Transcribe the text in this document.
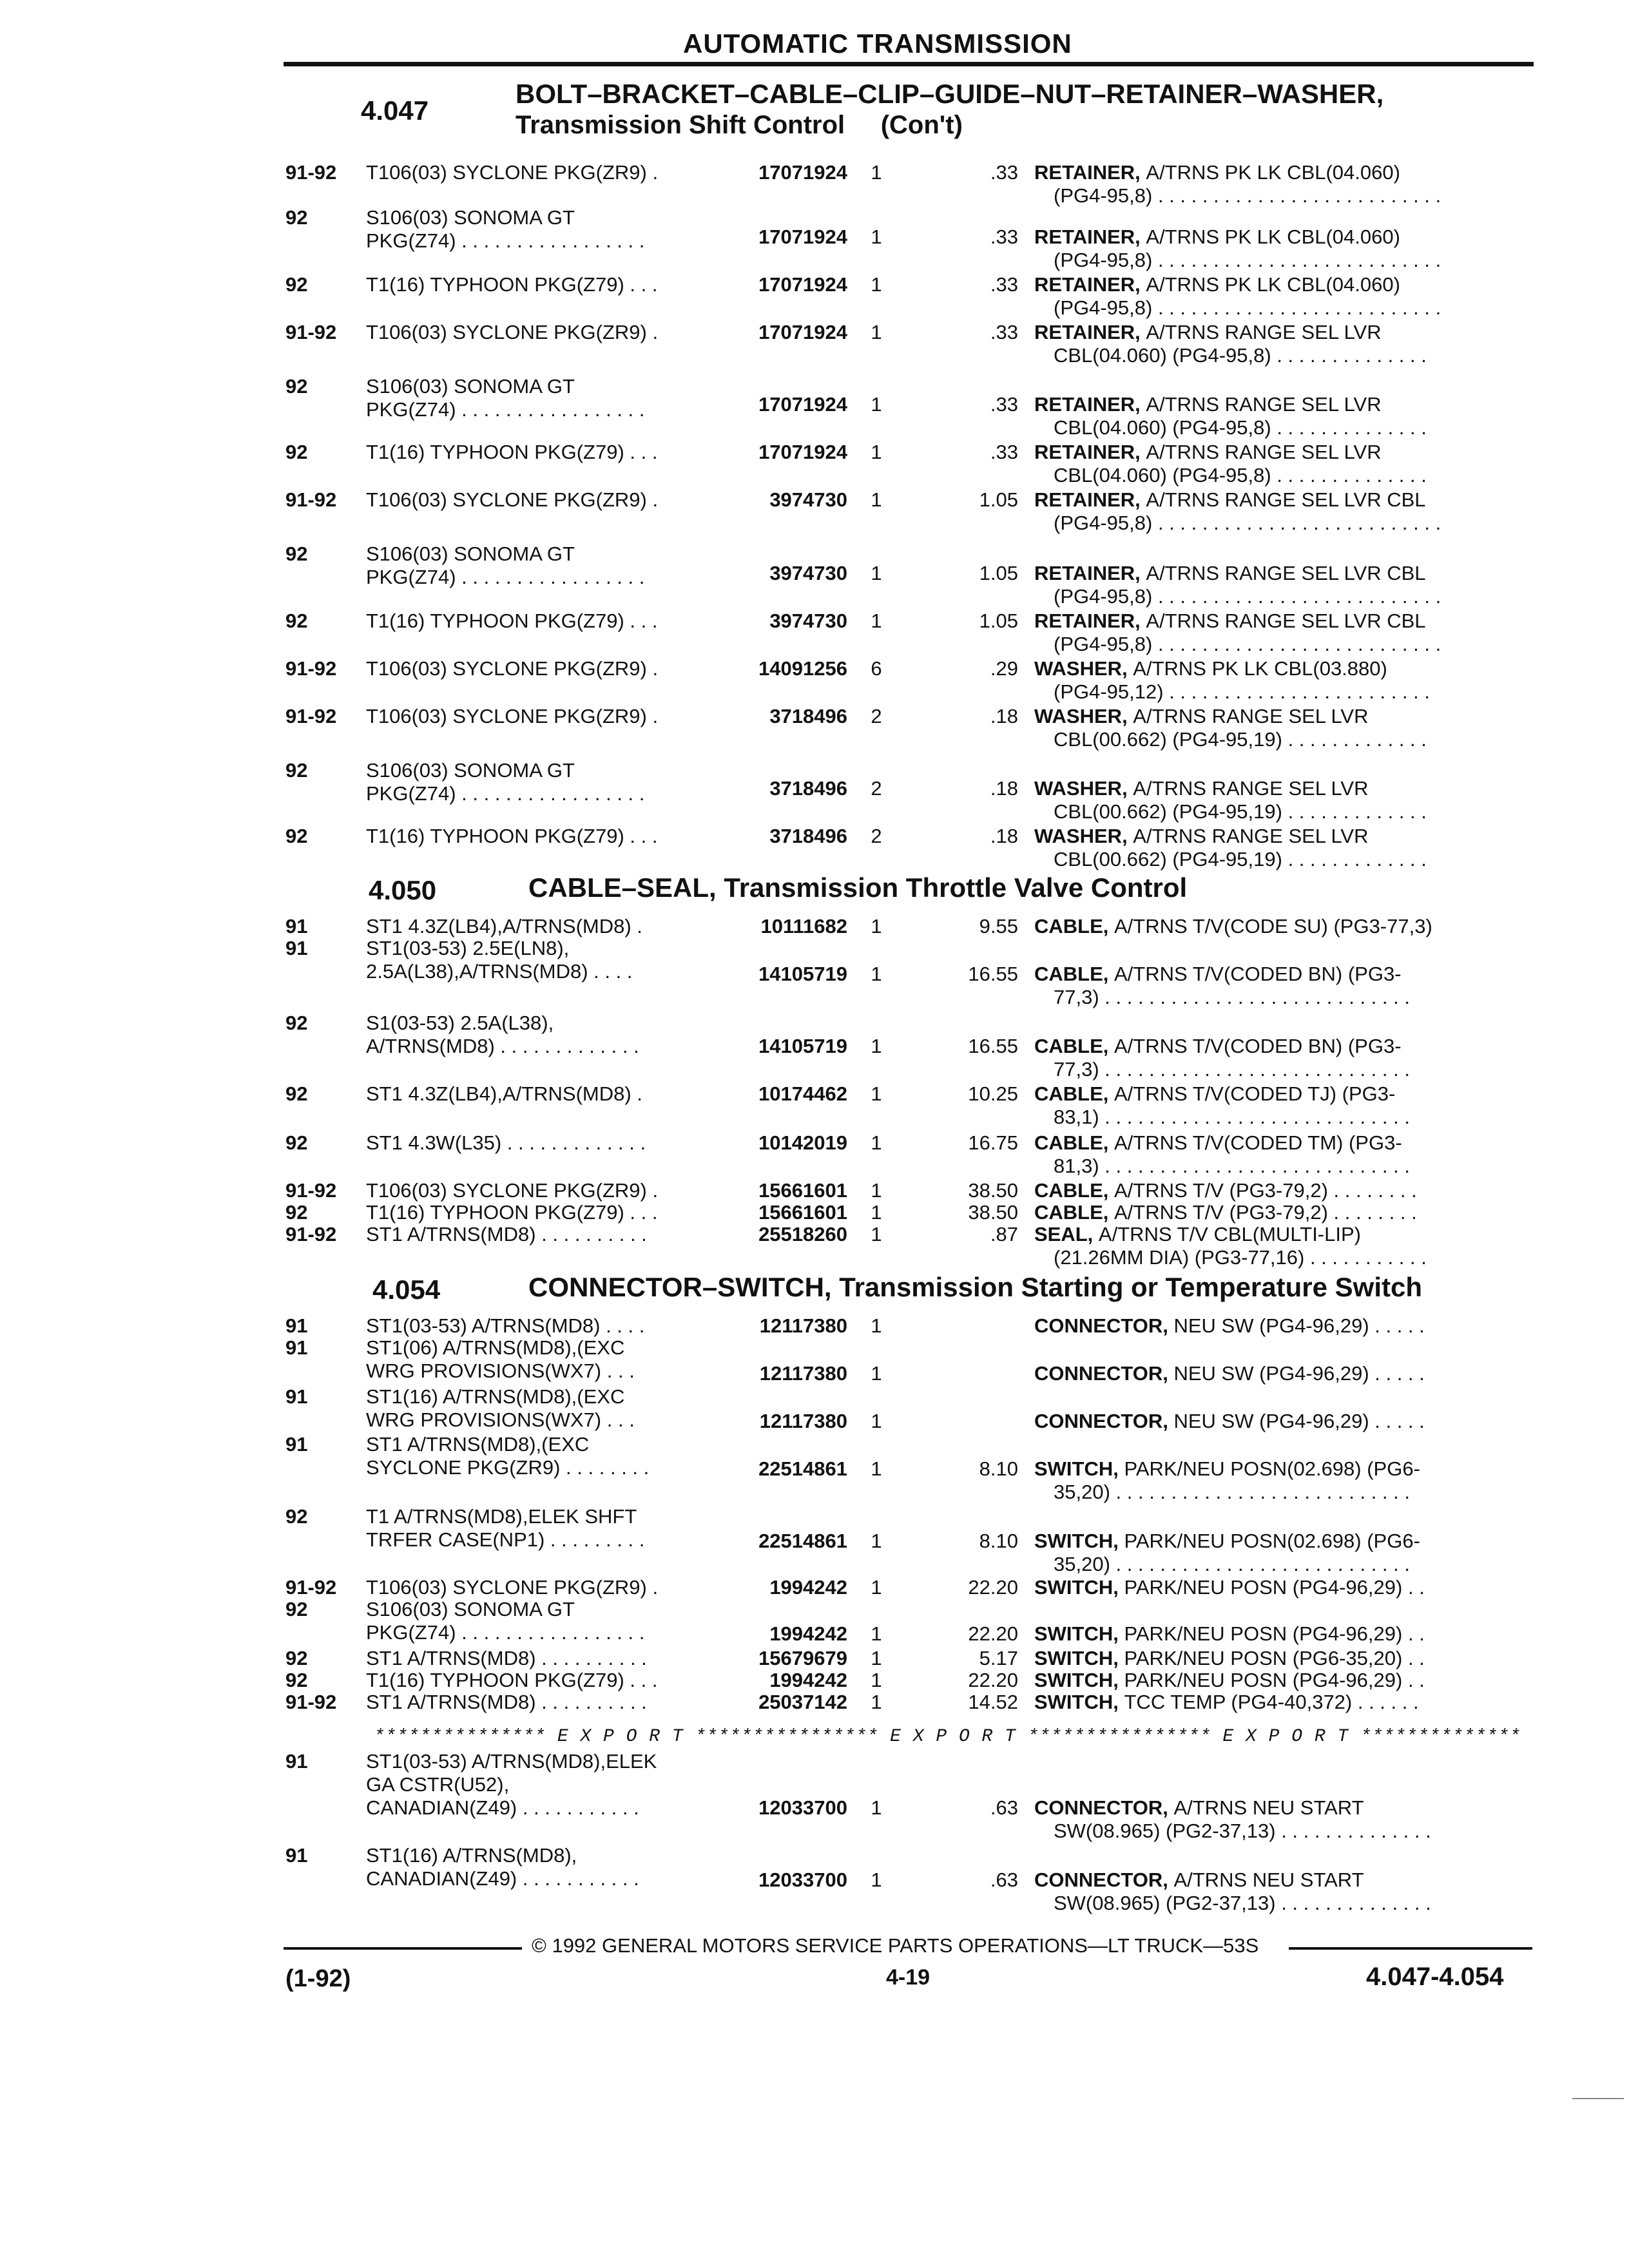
AUTOMATIC TRANSMISSION
4.047
BOLT–BRACKET–CABLE–CLIP–GUIDE–NUT–RETAINER–WASHER,
Transmission Shift Control     (Con't)
91-92	T106(03) SYCLONE PKG(ZR9) .	17071924	1	.33 RETAINER, A/TRNS PK LK CBL(04.060)
(PG4-95,8) . . . . . . . . . . . . . . . . . . . . . . . . . .
92	S106(03) SONOMA GT
PKG(Z74) . . . . . . . . . . . . . . . . .	17071924	1	.33 RETAINER, A/TRNS PK LK CBL(04.060)
(PG4-95,8) . . . . . . . . . . . . . . . . . . . . . . . . . .
92	T1(16) TYPHOON PKG(Z79) . . .	17071924	1	.33 RETAINER, A/TRNS PK LK CBL(04.060)
(PG4-95,8) . . . . . . . . . . . . . . . . . . . . . . . . . .
91-92	T106(03) SYCLONE PKG(ZR9) .	17071924	1	.33 RETAINER, A/TRNS RANGE SEL LVR
CBL(04.060) (PG4-95,8) . . . . . . . . . . . . . .
92	S106(03) SONOMA GT
PKG(Z74) . . . . . . . . . . . . . . . . .	17071924	1	.33 RETAINER, A/TRNS RANGE SEL LVR
CBL(04.060) (PG4-95,8) . . . . . . . . . . . . . .
92	T1(16) TYPHOON PKG(Z79) . . .	17071924	1	.33 RETAINER, A/TRNS RANGE SEL LVR
CBL(04.060) (PG4-95,8) . . . . . . . . . . . . . .
91-92	T106(03) SYCLONE PKG(ZR9) .	3974730	1	1.05 RETAINER, A/TRNS RANGE SEL LVR CBL
(PG4-95,8) . . . . . . . . . . . . . . . . . . . . . . . . . .
92	S106(03) SONOMA GT
PKG(Z74) . . . . . . . . . . . . . . . . .	3974730	1	1.05 RETAINER, A/TRNS RANGE SEL LVR CBL
(PG4-95,8) . . . . . . . . . . . . . . . . . . . . . . . . . .
92	T1(16) TYPHOON PKG(Z79) . . .	3974730	1	1.05 RETAINER, A/TRNS RANGE SEL LVR CBL
(PG4-95,8) . . . . . . . . . . . . . . . . . . . . . . . . . .
91-92	T106(03) SYCLONE PKG(ZR9) .	14091256	6	.29 WASHER, A/TRNS PK LK CBL(03.880)
(PG4-95,12) . . . . . . . . . . . . . . . . . . . . . . . .
91-92	T106(03) SYCLONE PKG(ZR9) .	3718496	2	.18 WASHER, A/TRNS RANGE SEL LVR
CBL(00.662) (PG4-95,19) . . . . . . . . . . . . .
92	S106(03) SONOMA GT
PKG(Z74) . . . . . . . . . . . . . . . . .	3718496	2	.18 WASHER, A/TRNS RANGE SEL LVR
CBL(00.662) (PG4-95,19) . . . . . . . . . . . . .
92	T1(16) TYPHOON PKG(Z79) . . .	3718496	2	.18 WASHER, A/TRNS RANGE SEL LVR
CBL(00.662) (PG4-95,19) . . . . . . . . . . . . .
4.050	CABLE–SEAL, Transmission Throttle Valve Control
91	ST1 4.3Z(LB4),A/TRNS(MD8) .	10111682	1	9.55 CABLE, A/TRNS T/V(CODE SU) (PG3-77,3)
91	ST1(03-53) 2.5E(LN8),
2.5A(L38),A/TRNS(MD8) . . . .	14105719	1	16.55 CABLE, A/TRNS T/V(CODED BN) (PG3-
77,3) . . . . . . . . . . . . . . . . . . . . . . . . . . . .
92	S1(03-53) 2.5A(L38),
A/TRNS(MD8) . . . . . . . . . . . . .	14105719	1	16.55 CABLE, A/TRNS T/V(CODED BN) (PG3-
77,3) . . . . . . . . . . . . . . . . . . . . . . . . . . . .
92	ST1 4.3Z(LB4),A/TRNS(MD8) .	10174462	1	10.25 CABLE, A/TRNS T/V(CODED TJ) (PG3-
83,1) . . . . . . . . . . . . . . . . . . . . . . . . . . . .
92	ST1 4.3W(L35) . . . . . . . . . . . . .	10142019	1	16.75 CABLE, A/TRNS T/V(CODED TM) (PG3-
81,3) . . . . . . . . . . . . . . . . . . . . . . . . . . . .
91-92	T106(03) SYCLONE PKG(ZR9) .	15661601	1	38.50 CABLE, A/TRNS T/V (PG3-79,2) . . . . . . . .
92	T1(16) TYPHOON PKG(Z79) . . .	15661601	1	38.50 CABLE, A/TRNS T/V (PG3-79,2) . . . . . . . .
91-92	ST1 A/TRNS(MD8) . . . . . . . . . .	25518260	1	.87 SEAL, A/TRNS T/V CBL(MULTI-LIP)
(21.26MM DIA) (PG3-77,16) . . . . . . . . . . .
4.054	CONNECTOR–SWITCH, Transmission Starting or Temperature Switch
91	ST1(03-53) A/TRNS(MD8) . . . .	12117380	1	CONNECTOR, NEU SW (PG4-96,29) . . . . .
91	ST1(06) A/TRNS(MD8),(EXC
WRG PROVISIONS(WX7) . . .	12117380	1	CONNECTOR, NEU SW (PG4-96,29) . . . . .
91	ST1(16) A/TRNS(MD8),(EXC
WRG PROVISIONS(WX7) . . .	12117380	1	CONNECTOR, NEU SW (PG4-96,29) . . . . .
91	ST1 A/TRNS(MD8),(EXC
SYCLONE PKG(ZR9) . . . . . . . .	22514861	1	8.10 SWITCH, PARK/NEU POSN(02.698) (PG6-
35,20) . . . . . . . . . . . . . . . . . . . . . . . . . . .
92	T1 A/TRNS(MD8),ELEK SHFT
TRFER CASE(NP1) . . . . . . . . .	22514861	1	8.10 SWITCH, PARK/NEU POSN(02.698) (PG6-
35,20) . . . . . . . . . . . . . . . . . . . . . . . . . . .
91-92	T106(03) SYCLONE PKG(ZR9) .	1994242	1	22.20 SWITCH, PARK/NEU POSN (PG4-96,29) . .
92	S106(03) SONOMA GT
PKG(Z74) . . . . . . . . . . . . . . . . .	1994242	1	22.20 SWITCH, PARK/NEU POSN (PG4-96,29) . .
92	ST1 A/TRNS(MD8) . . . . . . . . . .	15679679	1	5.17 SWITCH, PARK/NEU POSN (PG6-35,20) . .
92	T1(16) TYPHOON PKG(Z79) . . .	1994242	1	22.20 SWITCH, PARK/NEU POSN (PG4-96,29) . .
91-92	ST1 A/TRNS(MD8) . . . . . . . . . .	25037142	1	14.52 SWITCH, TCC TEMP (PG4-40,372) . . . . . .
91	ST1(03-53) A/TRNS(MD8),ELEK
GA CSTR(U52),
CANADIAN(Z49) . . . . . . . . . . .	12033700	1	.63 CONNECTOR, A/TRNS NEU START
SW(08.965) (PG2-37,13) . . . . . . . . . . . . . .
91	ST1(16) A/TRNS(MD8),
CANADIAN(Z49) . . . . . . . . . . .	12033700	1	.63 CONNECTOR, A/TRNS NEU START
SW(08.965) (PG2-37,13) . . . . . . . . . . . . . .
*************** E X P O R T **************** E X P O R T **************** E X P O R T **************
© 1992 GENERAL MOTORS SERVICE PARTS OPERATIONS—LT TRUCK—53S
(1-92)	4-19	4.047-4.054
